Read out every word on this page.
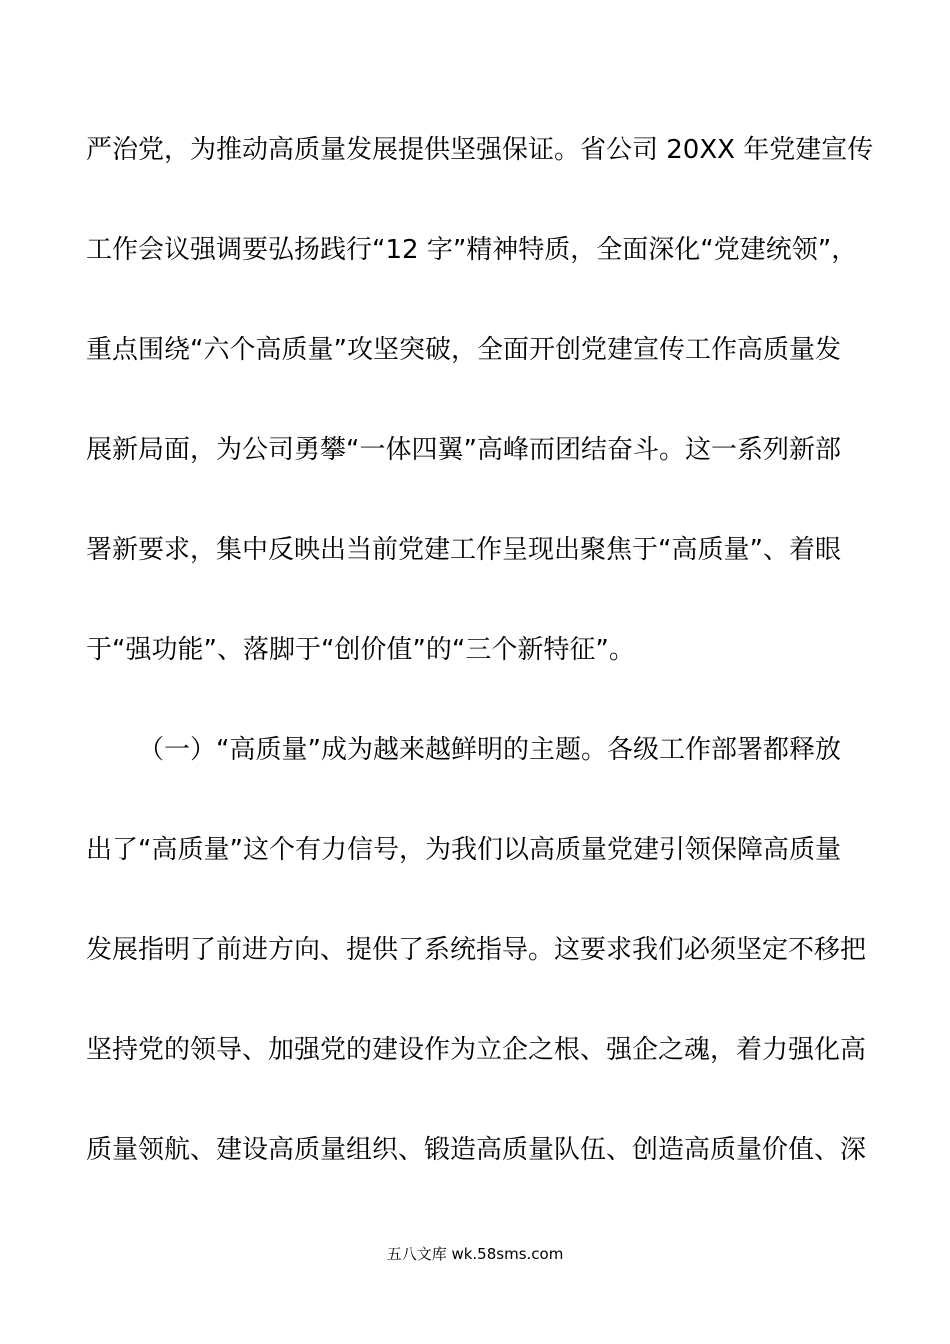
严治党，为推动高质量发展提供坚强保证。省公司 20XX 年党建宣传
工作会议强调要弘扬践行“12 字”精神特质，全面深化“党建统领”，
重点围绕“六个高质量”攻坚突破，全面开创党建宣传工作高质量发
展新局面，为公司勇攀“一体四翼”高峰而团结奋斗。这一系列新部
署新要求，集中反映出当前党建工作呈现出聚焦于“高质量”、着眼
于“强功能”、落脚于“创价值”的“三个新特征”。
（一）“高质量”成为越来越鲜明的主题。各级工作部署都释放
出了“高质量”这个有力信号，为我们以高质量党建引领保障高质量
发展指明了前进方向、提供了系统指导。这要求我们必须坚定不移把
坚持党的领导、加强党的建设作为立企之根、强企之魂，着力强化高
质量领航、建设高质量组织、锻造高质量队伍、创造高质量价值、深
五八文库 wk.58sms.com
